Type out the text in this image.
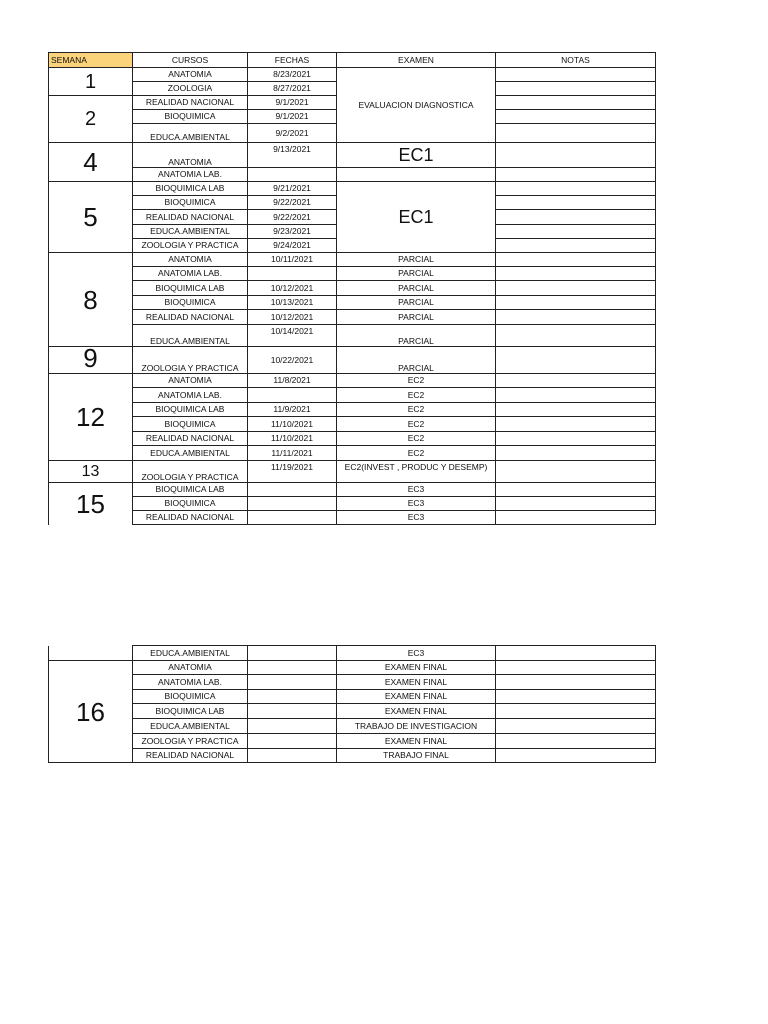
SEMANA	CURSOS	FECHAS	EXAMEN	NOTAS
1	ANATOMIA	8/23/2021	EVALUACION DIAGNOSTICA	
	ZOOLOGIA	8/27/2021		
2	REALIDAD NACIONAL	9/1/2021		
	BIOQUIMICA	9/1/2021		
	EDUCA.AMBIENTAL	9/2/2021		
4	ANATOMIA	9/13/2021	EC1	
	ANATOMIA LAB.			
5	BIOQUIMICA LAB	9/21/2021	EC1	
	BIOQUIMICA	9/22/2021		
	REALIDAD NACIONAL	9/22/2021		
	EDUCA.AMBIENTAL	9/23/2021		
	ZOOLOGIA Y PRACTICA	9/24/2021		
8	ANATOMIA	10/11/2021	PARCIAL	
	ANATOMIA LAB.		PARCIAL	
	BIOQUIMICA LAB	10/12/2021	PARCIAL	
	BIOQUIMICA	10/13/2021	PARCIAL	
	REALIDAD NACIONAL	10/12/2021	PARCIAL	
	EDUCA.AMBIENTAL	10/14/2021	PARCIAL	
9	ZOOLOGIA Y PRACTICA	10/22/2021	PARCIAL	
12	ANATOMIA	11/8/2021	EC2	
	ANATOMIA LAB.		EC2	
	BIOQUIMICA LAB	11/9/2021	EC2	
	BIOQUIMICA	11/10/2021	EC2	
	REALIDAD NACIONAL	11/10/2021	EC2	
	EDUCA.AMBIENTAL	11/11/2021	EC2	
13	ZOOLOGIA Y PRACTICA	11/19/2021	EC2(INVEST , PRODUC Y DESEMP)	
15	BIOQUIMICA LAB		EC3	
	BIOQUIMICA		EC3	
	REALIDAD NACIONAL		EC3	
	EDUCA.AMBIENTAL		EC3	
16	ANATOMIA		EXAMEN FINAL	
	ANATOMIA LAB.		EXAMEN FINAL	
	BIOQUIMICA		EXAMEN FINAL	
	BIOQUIMICA LAB		EXAMEN FINAL	
	EDUCA.AMBIENTAL		TRABAJO DE INVESTIGACION	
	ZOOLOGIA Y PRACTICA		EXAMEN FINAL	
	REALIDAD NACIONAL		TRABAJO FINAL	
